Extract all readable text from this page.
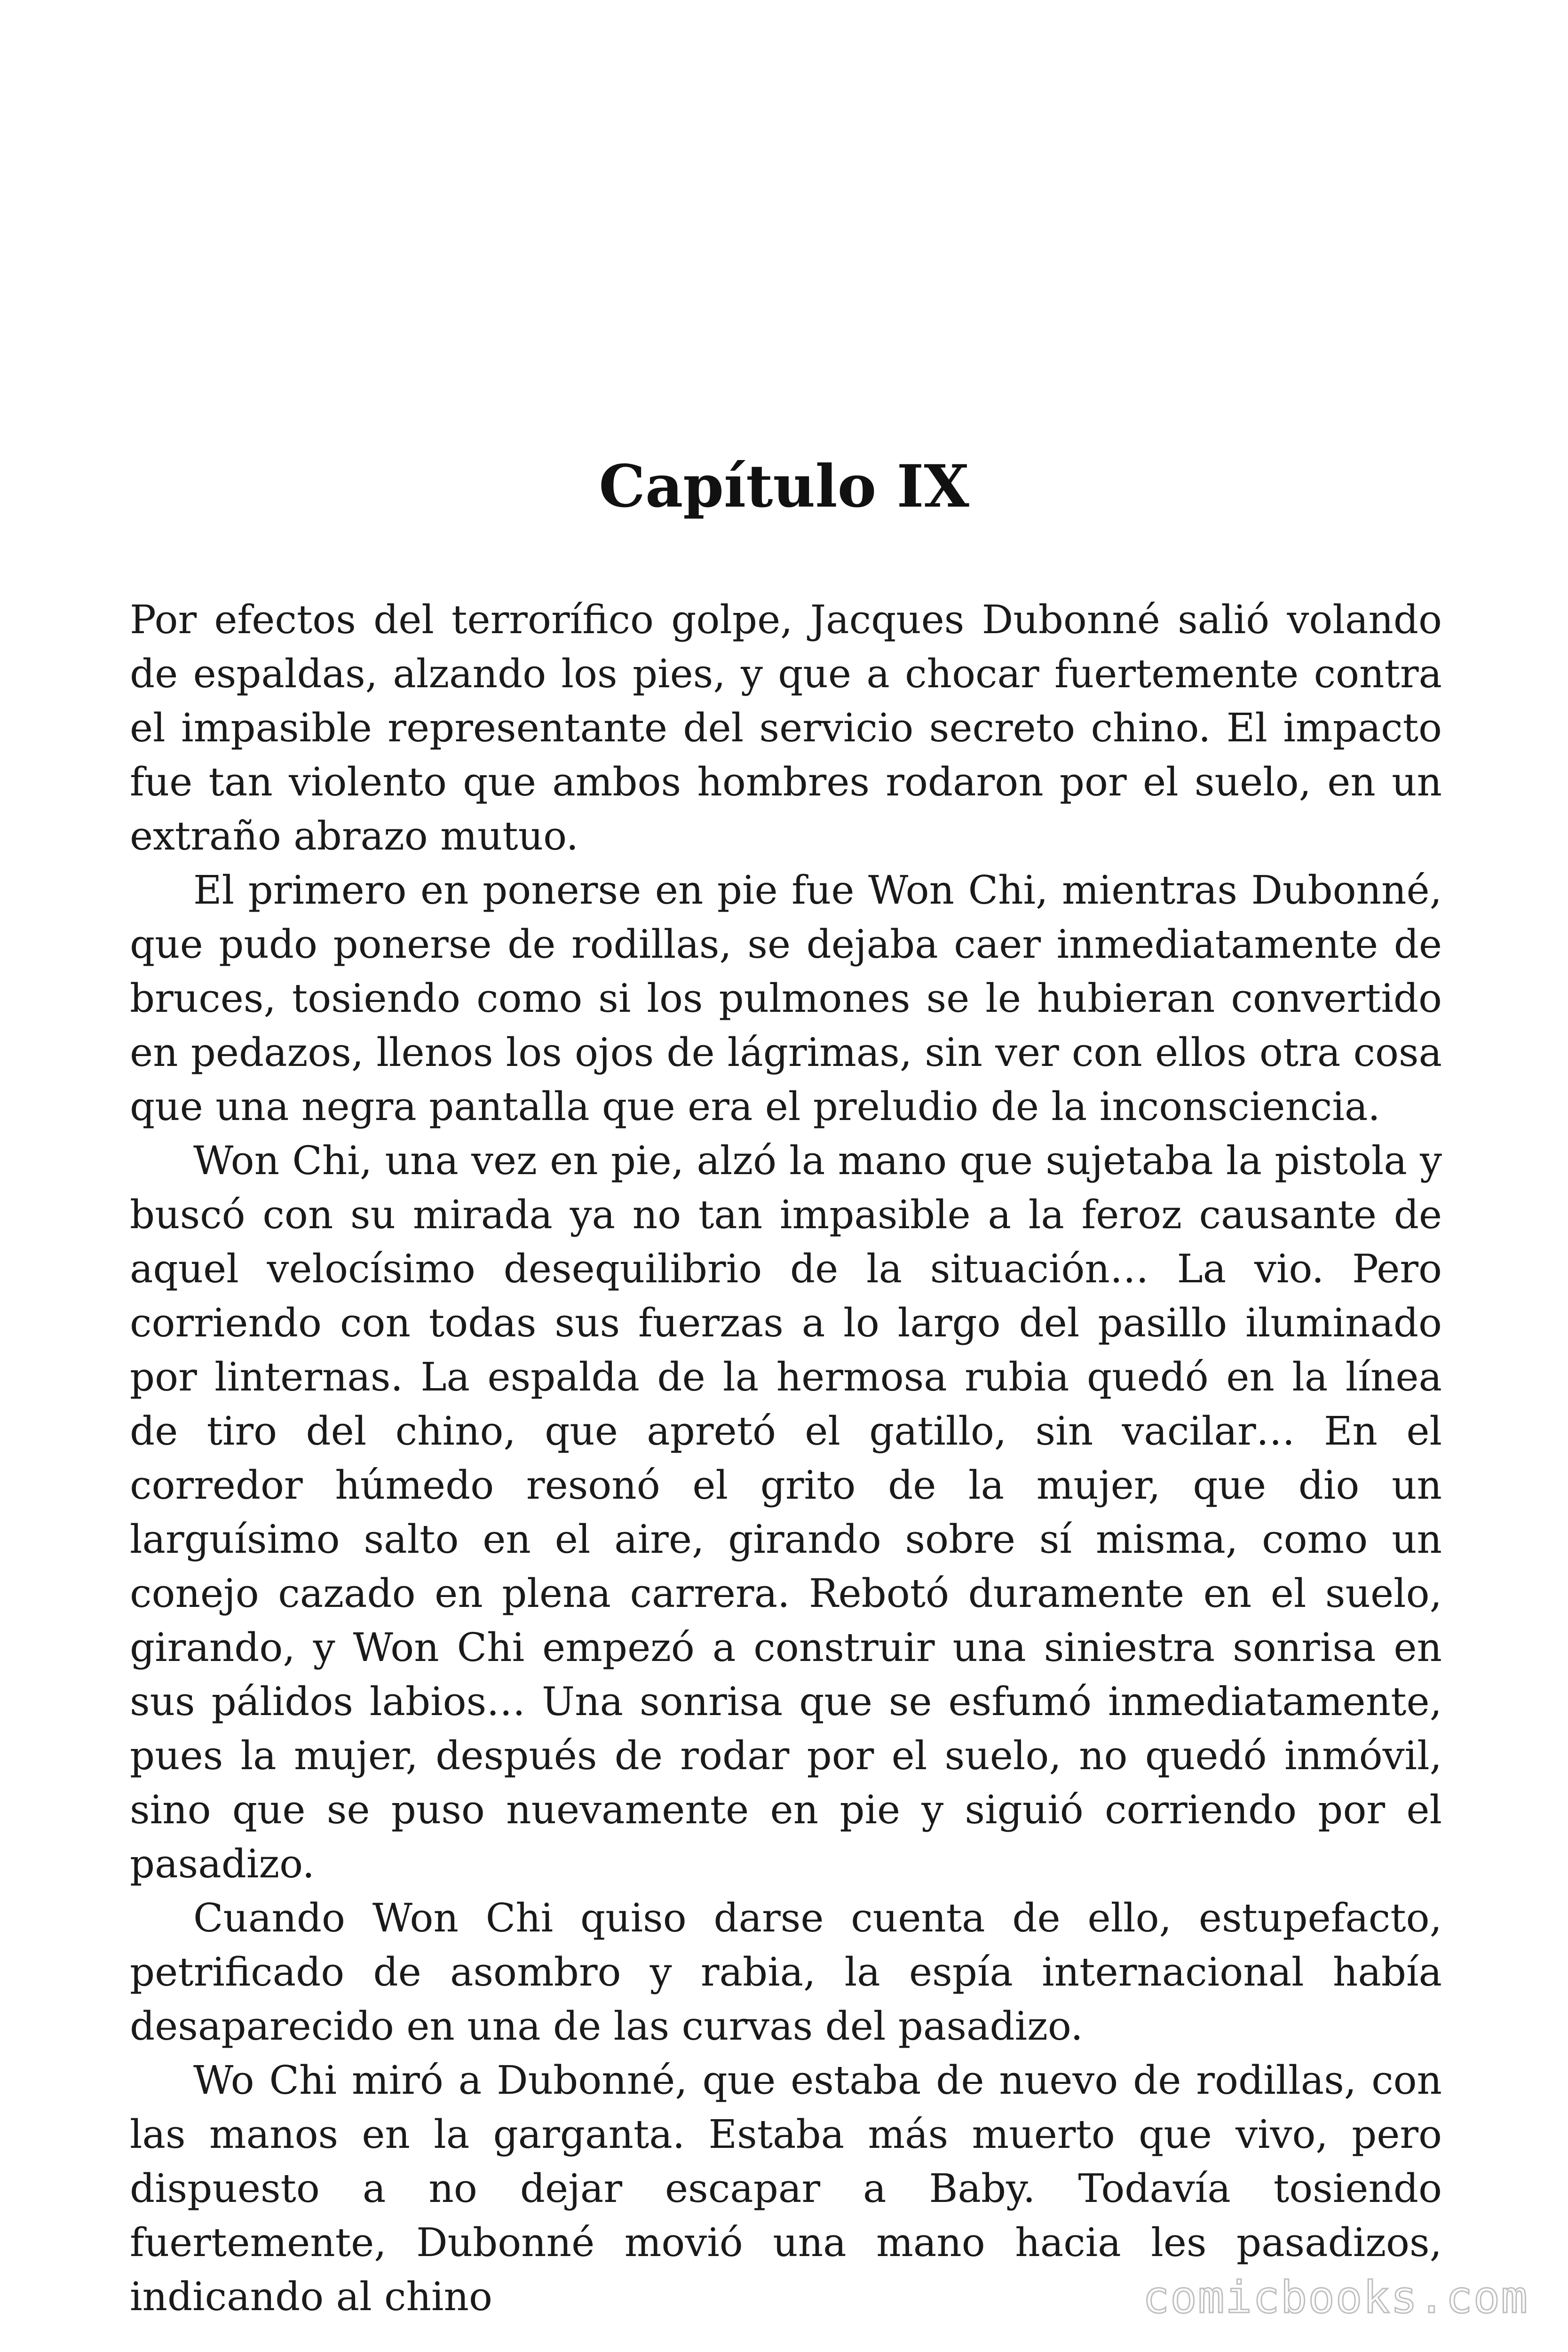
Capítulo IX

Por efectos del terrorífico golpe, Jacques Dubonné salió volando de espaldas, alzando los pies, y que a chocar fuertemente contra el impasible representante del servicio secreto chino. El impacto fue tan violento que ambos hombres rodaron por el suelo, en un extraño abrazo mutuo.

El primero en ponerse en pie fue Won Chi, mientras Dubonné, que pudo ponerse de rodillas, se dejaba caer inmediatamente de bruces, tosiendo como si los pulmones se le hubieran convertido en pedazos, llenos los ojos de lágrimas, sin ver con ellos otra cosa que una negra pantalla que era el preludio de la inconsciencia.

Won Chi, una vez en pie, alzó la mano que sujetaba la pistola y buscó con su mirada ya no tan impasible a la feroz causante de aquel velocísimo desequilibrio de la situación… La vio. Pero corriendo con todas sus fuerzas a lo largo del pasillo iluminado por linternas. La espalda de la hermosa rubia quedó en la línea de tiro del chino, que apretó el gatillo, sin vacilar… En el corredor húmedo resonó el grito de la mujer, que dio un larguísimo salto en el aire, girando sobre sí misma, como un conejo cazado en plena carrera. Rebotó duramente en el suelo, girando, y Won Chi empezó a construir una siniestra sonrisa en sus pálidos labios… Una sonrisa que se esfumó inmediatamente, pues la mujer, después de rodar por el suelo, no quedó inmóvil, sino que se puso nuevamente en pie y siguió corriendo por el pasadizo.

Cuando Won Chi quiso darse cuenta de ello, estupefacto, petrificado de asombro y rabia, la espía internacional había desaparecido en una de las curvas del pasadizo.

Wo Chi miró a Dubonné, que estaba de nuevo de rodillas, con las manos en la garganta. Estaba más muerto que vivo, pero dispuesto a no dejar escapar a Baby. Todavía tosiendo fuertemente, Dubonné movió una mano hacia les pasadizos, indicando al chino	comicbooks.com
